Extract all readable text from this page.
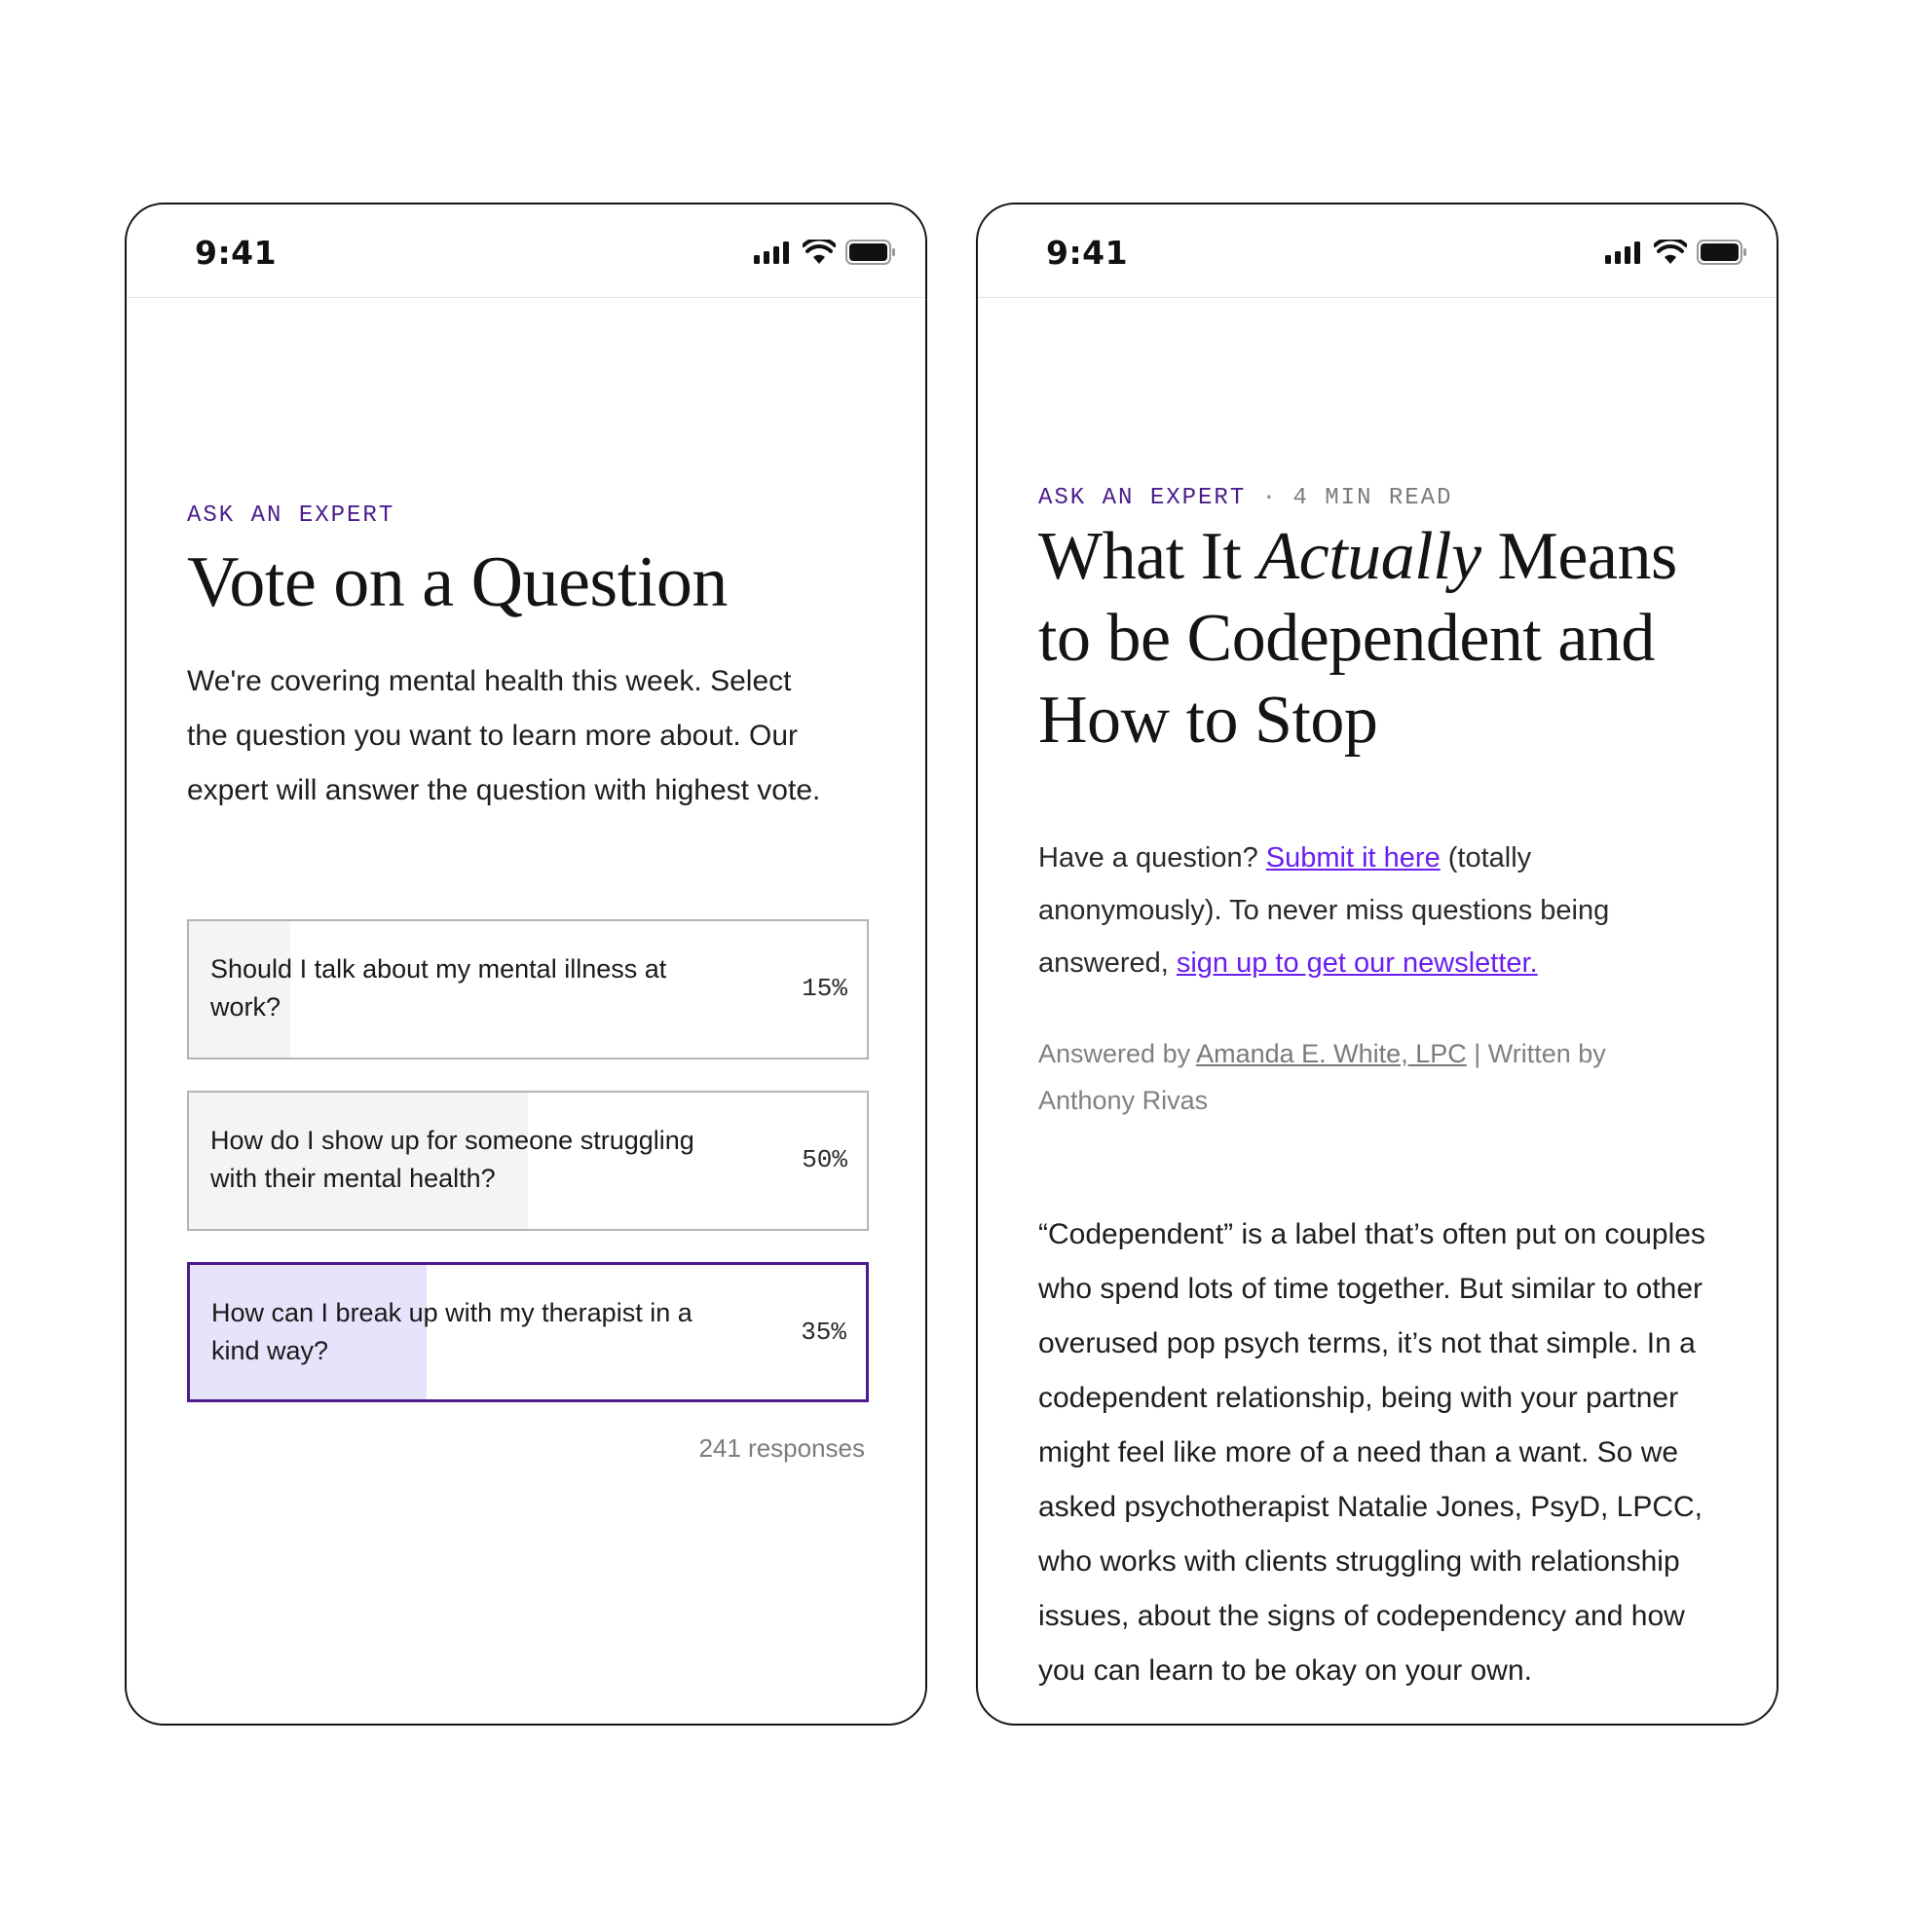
9:41
ASK AN EXPERT
Vote on a Question

We're covering mental health this week. Select the question you want to learn more about. Our expert will answer the question with highest vote.

Should I talk about my mental illness at work?
15%
How do I show up for someone struggling with their mental health?
50%
How can I break up with my therapist in a kind way?
35%
241 responses
9:41
ASK AN EXPERT · 4 MIN READ
What It Actually Means to be Codependent and How to Stop

Have a question? Submit it here (totally anonymously). To never miss questions being answered, sign up to get our newsletter.

Answered by Amanda E. White, LPC | Written by Anthony Rivas

“Codependent” is a label that’s often put on couples who spend lots of time together. But similar to other overused pop psych terms, it’s not that simple. In a codependent relationship, being with your partner might feel like more of a need than a want. So we asked psychotherapist Natalie Jones, PsyD, LPCC, who works with clients struggling with relationship issues, about the signs of codependency and how you can learn to be okay on your own.
